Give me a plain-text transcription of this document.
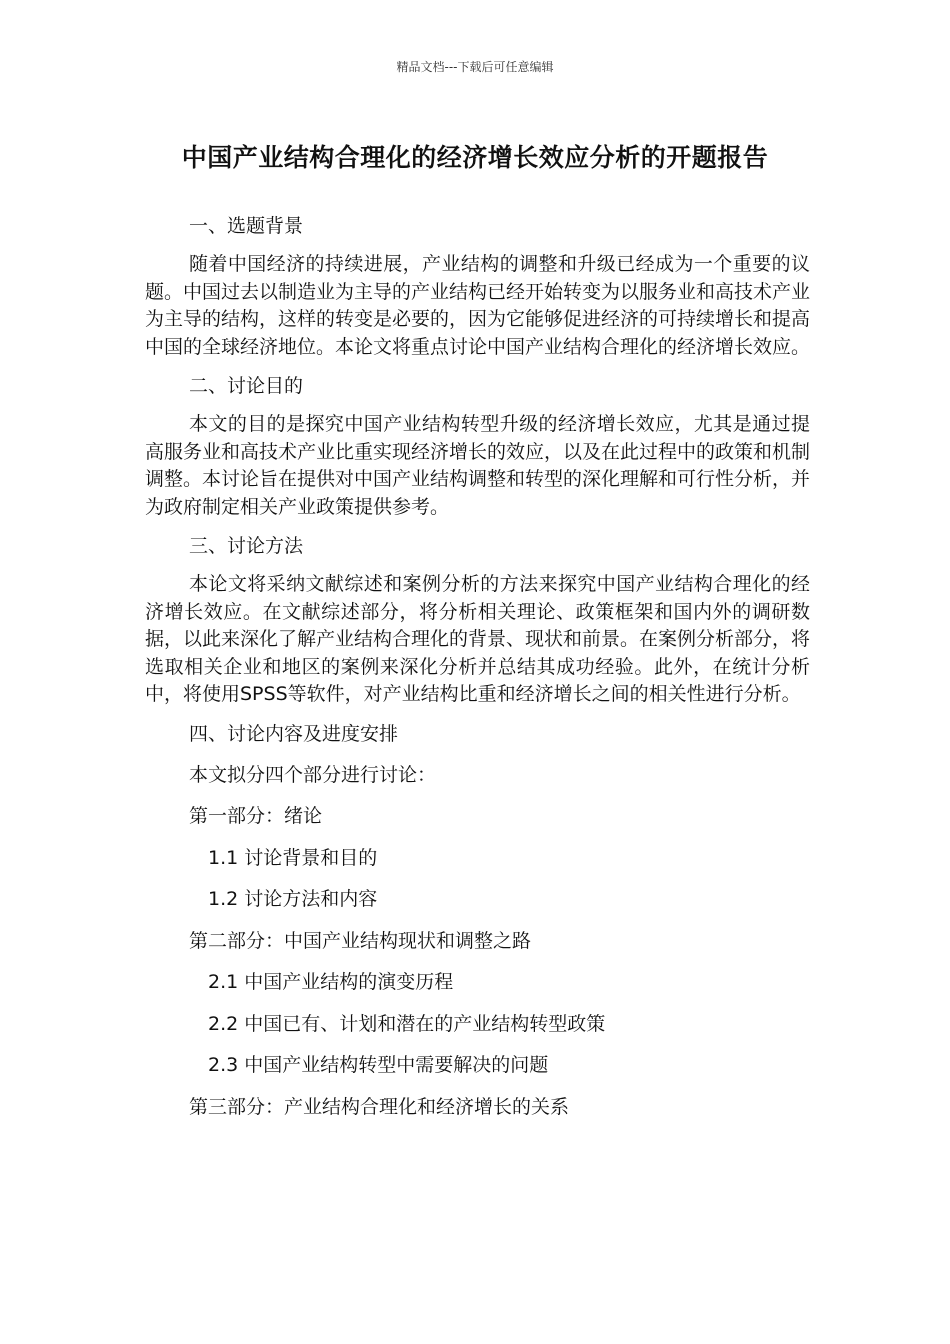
精品文档---下载后可任意编辑
中国产业结构合理化的经济增长效应分析的开题报告
一、选题背景
随着中国经济的持续进展，产业结构的调整和升级已经成为一个重要的议题。中国过去以制造业为主导的产业结构已经开始转变为以服务业和高技术产业为主导的结构，这样的转变是必要的，因为它能够促进经济的可持续增长和提高中国的全球经济地位。本论文将重点讨论中国产业结构合理化的经济增长效应。
二、讨论目的
本文的目的是探究中国产业结构转型升级的经济增长效应，尤其是通过提高服务业和高技术产业比重实现经济增长的效应，以及在此过程中的政策和机制调整。本讨论旨在提供对中国产业结构调整和转型的深化理解和可行性分析，并为政府制定相关产业政策提供参考。
三、讨论方法
本论文将采纳文献综述和案例分析的方法来探究中国产业结构合理化的经济增长效应。在文献综述部分，将分析相关理论、政策框架和国内外的调研数据，以此来深化了解产业结构合理化的背景、现状和前景。在案例分析部分，将选取相关企业和地区的案例来深化分析并总结其成功经验。此外，在统计分析中，将使用SPSS等软件，对产业结构比重和经济增长之间的相关性进行分析。
四、讨论内容及进度安排
本文拟分四个部分进行讨论：
第一部分：绪论
1.1 讨论背景和目的
1.2 讨论方法和内容
第二部分：中国产业结构现状和调整之路
2.1 中国产业结构的演变历程
2.2 中国已有、计划和潜在的产业结构转型政策
2.3 中国产业结构转型中需要解决的问题
第三部分：产业结构合理化和经济增长的关系
